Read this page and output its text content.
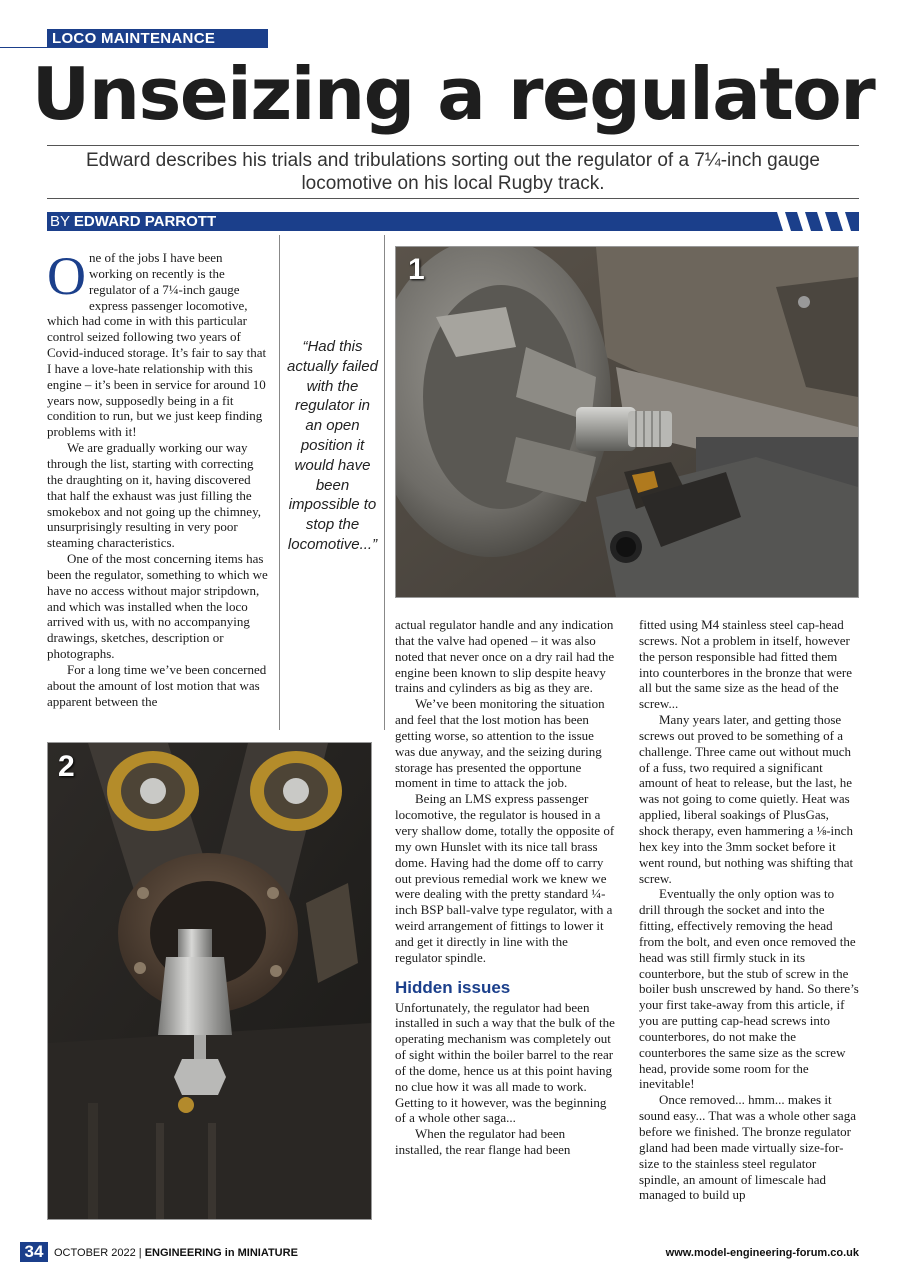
LOCO MAINTENANCE
Unseizing a regulator
Edward describes his trials and tribulations sorting out the regulator of a 7¼-inch gauge locomotive on his local Rugby track.
BY EDWARD PARROTT

One of the jobs I have been working on recently is the regulator of a 7¼-inch gauge express passenger locomotive, which had come in with this particular control seized following two years of Covid-induced storage. It’s fair to say that I have a love-hate relationship with this engine – it’s been in service for around 10 years now, supposedly being in a fit condition to run, but we just keep finding problems with it!

We are gradually working our way through the list, starting with correcting the draughting on it, having discovered that half the exhaust was just filling the smokebox and not going up the chimney, unsurprisingly resulting in very poor steaming characteristics.

One of the most concerning items has been the regulator, something to which we have no access without major stripdown, and which was installed when the loco arrived with us, with no accompanying drawings, sketches, description or photographs.

For a long time we’ve been concerned about the amount of lost motion that was apparent between the

“Had this actually failed with the regulator in an open position it would have been impossible to stop the locomotive...”
1
2

actual regulator handle and any indication that the valve had opened – it was also noted that never once on a dry rail had the engine been known to slip despite heavy trains and cylinders as big as they are.

We’ve been monitoring the situation and feel that the lost motion has been getting worse, so attention to the issue was due anyway, and the seizing during storage has presented the opportune moment in time to attack the job.

Being an LMS express passenger locomotive, the regulator is housed in a very shallow dome, totally the opposite of my own Hunslet with its nice tall brass dome. Having had the dome off to carry out previous remedial work we knew we were dealing with the pretty standard ¼-inch BSP ball-valve type regulator, with a weird arrangement of fittings to lower it and get it directly in line with the regulator spindle.

Hidden issues

Unfortunately, the regulator had been installed in such a way that the bulk of the operating mechanism was completely out of sight within the boiler barrel to the rear of the dome, hence us at this point having no clue how it was all made to work. Getting to it however, was the beginning of a whole other saga...

When the regulator had been installed, the rear flange had been

fitted using M4 stainless steel cap-head screws. Not a problem in itself, however the person responsible had fitted them into counterbores in the bronze that were all but the same size as the head of the screw...

Many years later, and getting those screws out proved to be something of a challenge. Three came out without much of a fuss, two required a significant amount of heat to release, but the last, he was not going to come quietly. Heat was applied, liberal soakings of PlusGas, shock therapy, even hammering a ⅛-inch hex key into the 3mm socket before it went round, but nothing was shifting that screw.

Eventually the only option was to drill through the socket and into the fitting, effectively removing the head from the bolt, and even once removed the head was still firmly stuck in its counterbore, but the stub of screw in the boiler bush unscrewed by hand. So there’s your first take-away from this article, if you are putting cap-head screws into counterbores, do not make the counterbores the same size as the screw head, provide some room for the inevitable!

Once removed... hmm... makes it sound easy... That was a whole other saga before we finished. The bronze regulator gland had been made virtually size-for-size to the stainless steel regulator spindle, an amount of limescale had managed to build up

34 OCTOBER 2022 | ENGINEERING in MINIATURE	www.model-engineering-forum.co.uk
